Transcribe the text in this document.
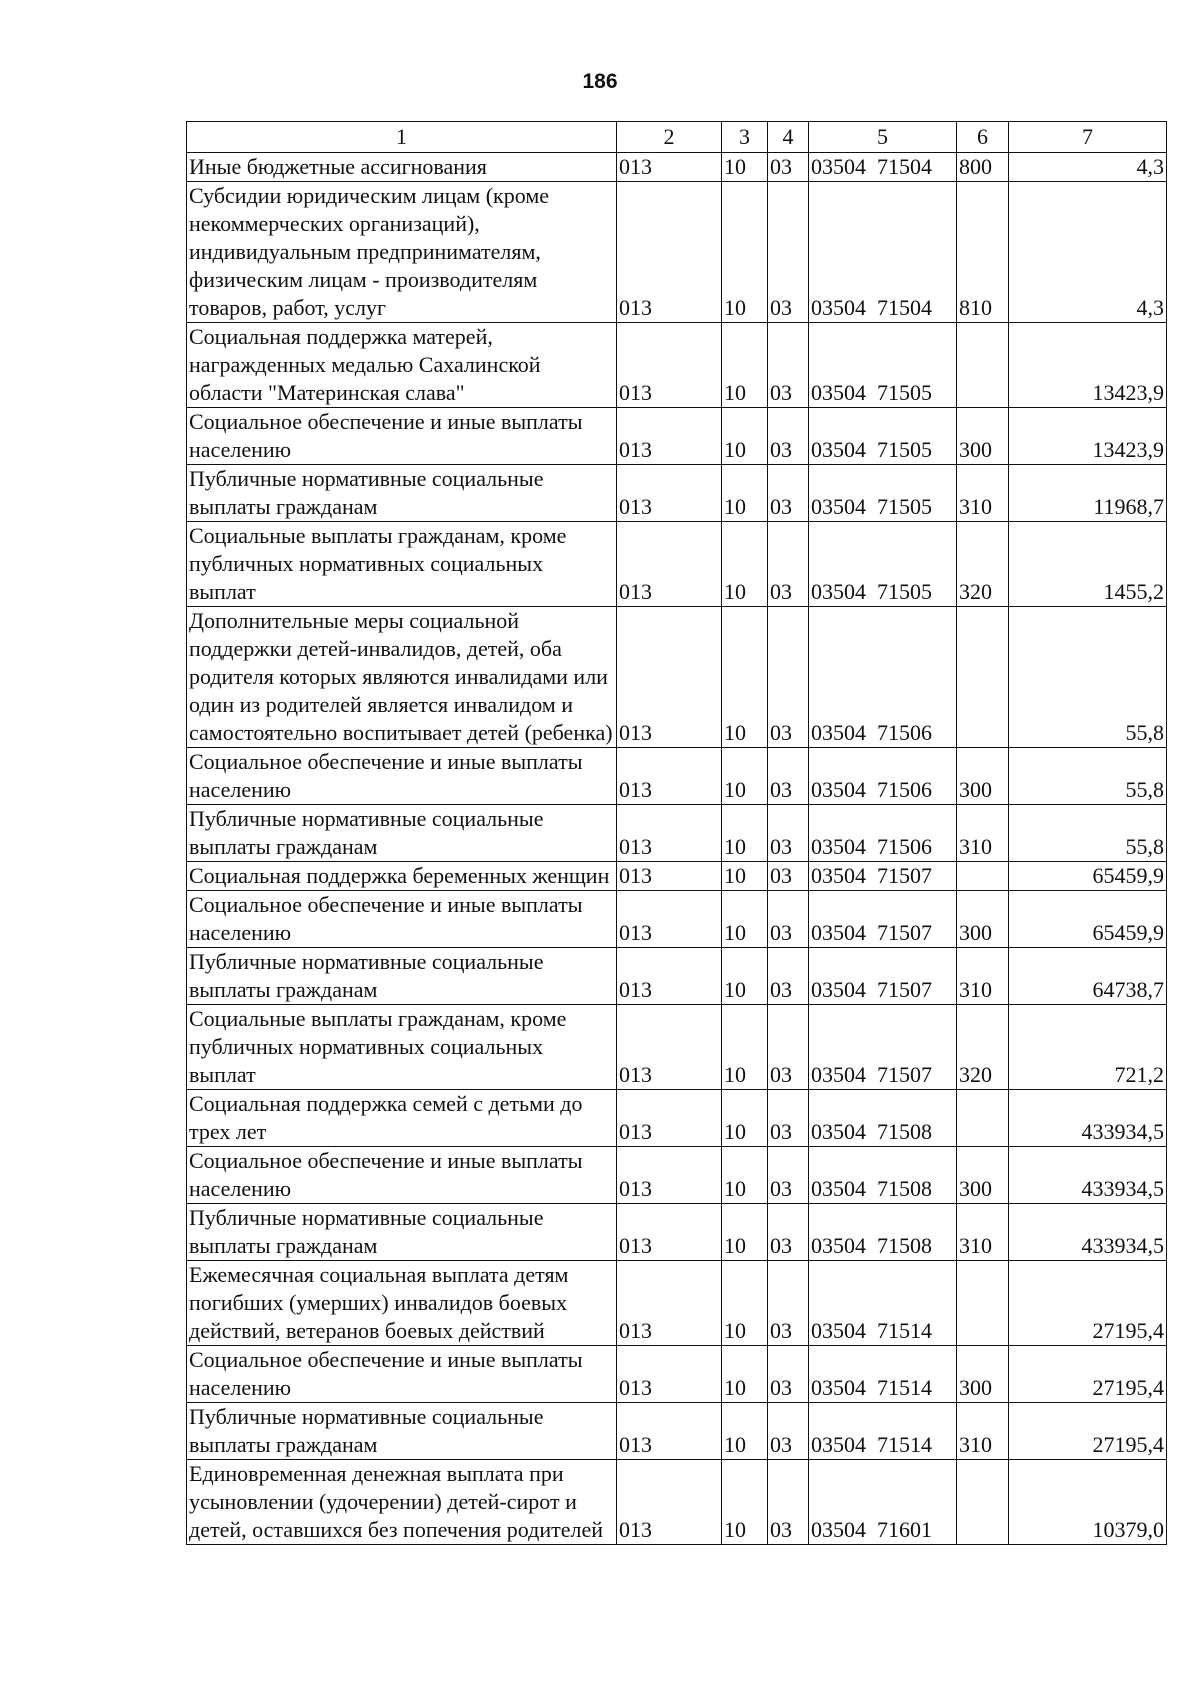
186
1	2	3	4	5	6	7
Иные бюджетные ассигнования	013	10	03	03504  71504	800	4,3
Субсидии юридическим лицам (кроме некоммерческих организаций), индивидуальным предпринимателям, физическим лицам - производителям товаров, работ, услуг	013	10	03	03504  71504	810	4,3
Социальная поддержка матерей, награжденных медалью Сахалинской области "Материнская слава"	013	10	03	03504  71505		13423,9
Социальное обеспечение и иные выплаты населению	013	10	03	03504  71505	300	13423,9
Публичные нормативные социальные выплаты гражданам	013	10	03	03504  71505	310	11968,7
Социальные выплаты гражданам, кроме публичных нормативных социальных выплат	013	10	03	03504  71505	320	1455,2
Дополнительные меры социальной поддержки детей-инвалидов, детей, оба родителя которых являются инвалидами или один из родителей является инвалидом и самостоятельно воспитывает детей (ребенка)	013	10	03	03504  71506		55,8
Социальное обеспечение и иные выплаты населению	013	10	03	03504  71506	300	55,8
Публичные нормативные социальные выплаты гражданам	013	10	03	03504  71506	310	55,8
Социальная поддержка беременных женщин	013	10	03	03504  71507		65459,9
Социальное обеспечение и иные выплаты населению	013	10	03	03504  71507	300	65459,9
Публичные нормативные социальные выплаты гражданам	013	10	03	03504  71507	310	64738,7
Социальные выплаты гражданам, кроме публичных нормативных социальных выплат	013	10	03	03504  71507	320	721,2
Социальная поддержка семей с детьми до трех лет	013	10	03	03504  71508		433934,5
Социальное обеспечение и иные выплаты населению	013	10	03	03504  71508	300	433934,5
Публичные нормативные социальные выплаты гражданам	013	10	03	03504  71508	310	433934,5
Ежемесячная социальная выплата детям погибших (умерших) инвалидов боевых действий, ветеранов боевых действий	013	10	03	03504  71514		27195,4
Социальное обеспечение и иные выплаты населению	013	10	03	03504  71514	300	27195,4
Публичные нормативные социальные выплаты гражданам	013	10	03	03504  71514	310	27195,4
Единовременная денежная выплата при усыновлении (удочерении) детей-сирот и детей, оставшихся без попечения родителей	013	10	03	03504  71601		10379,0
